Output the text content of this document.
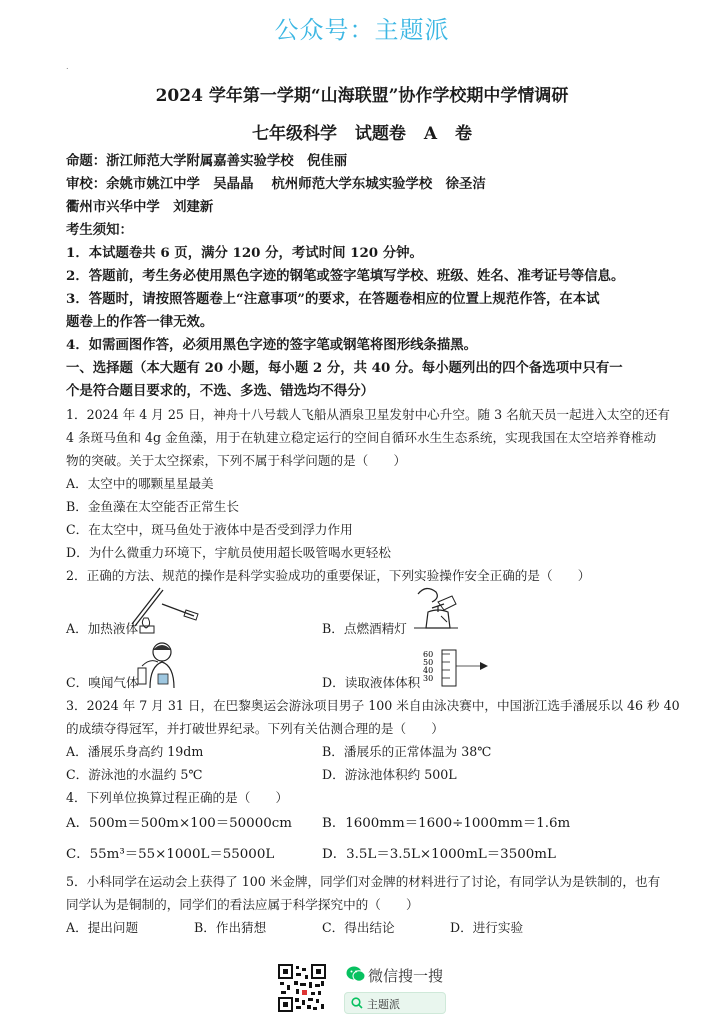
公众号：主题派
.
2024 学年第一学期“山海联盟”协作学校期中学情调研
七年级科学 试题卷 A 卷
命题：浙江师范大学附属嘉善实验学校　倪佳丽
审校：余姚市姚江中学　吴晶晶　 杭州师范大学东城实验学校　徐圣洁
衢州市兴华中学　刘建新
考生须知：
1．本试题卷共 6 页，满分 120 分，考试时间 120 分钟。
2．答题前，考生务必使用黑色字迹的钢笔或签字笔填写学校、班级、姓名、准考证号等信息。
3．答题时，请按照答题卷上“注意事项”的要求，在答题卷相应的位置上规范作答，在本试
题卷上的作答一律无效。
4．如需画图作答，必须用黑色字迹的签字笔或钢笔将图形线条描黑。
一、选择题（本大题有 20 小题，每小题 2 分，共 40 分。每小题列出的四个备选项中只有一
个是符合题目要求的，不选、多选、错选均不得分）
1．2024 年 4 月 25 日，神舟十八号载人飞船从酒泉卫星发射中心升空。随 3 名航天员一起进入太空的还有
4 条斑马鱼和 4g 金鱼藻，用于在轨建立稳定运行的空间自循环水生生态系统，实现我国在太空培养脊椎动
物的突破。关于太空探索，下列不属于科学问题的是（　　）
A．太空中的哪颗星星最美
B．金鱼藻在太空能否正常生长
C．在太空中，斑马鱼处于液体中是否受到浮力作用
D．为什么微重力环境下，宇航员使用超长吸管喝水更轻松
2．正确的方法、规范的操作是科学实验成功的重要保证，下列实验操作安全正确的是（　　）
A．加热液体	B．点燃酒精灯
C．嗅闻气体
60
50
40
30
D．读取液体体积
3．2024 年 7 月 31 日，在巴黎奥运会游泳项目男子 100 米自由泳决赛中，中国浙江选手潘展乐以 46 秒 40
的成绩夺得冠军，并打破世界纪录。下列有关估测合理的是（　　）
A．潘展乐身高约 19dm	B．潘展乐的正常体温为 38℃
C．游泳池的水温约 5℃	D．游泳池体积约 500L
4．下列单位换算过程正确的是（　　）
A．500m＝500m×100＝50000cm B．1600mm＝1600÷1000mm＝1.6m
C．55m³＝55×1000L＝55000L	D．3.5L＝3.5L×1000mL＝3500mL
5．小科同学在运动会上获得了 100 米金牌，同学们对金牌的材料进行了讨论，有同学认为是铁制的，也有
同学认为是铜制的，同学们的看法应属于科学探究中的（　　）
A．提出问题	B．作出猜想	C．得出结论	D．进行实验
微信搜一搜
主题派
